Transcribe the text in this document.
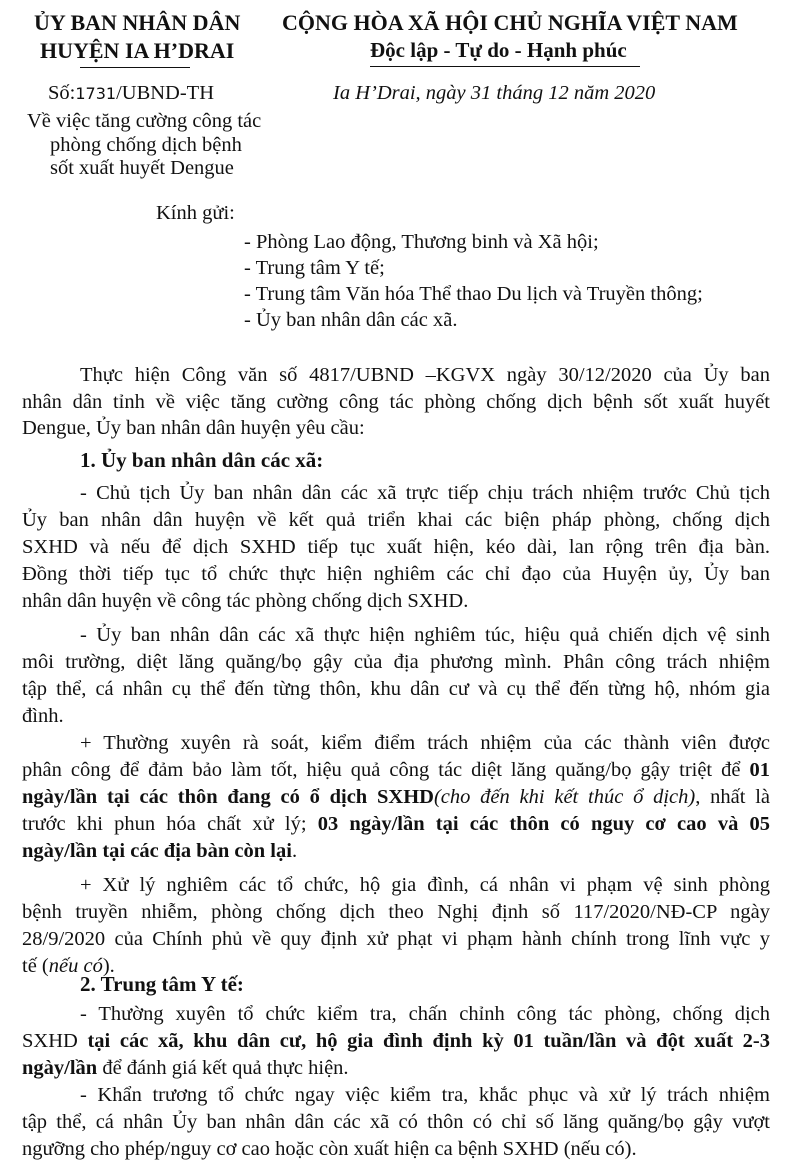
ỦY BAN NHÂN DÂN
HUYỆN IA H’DRAI
CỘNG HÒA XÃ HỘI CHỦ NGHĨA VIỆT NAM
Độc lập - Tự do - Hạnh phúc
Số:1731/UBND-TH	Ia H’Drai, ngày 31 tháng 12 năm 2020
Về việc tăng cường công tác
phòng chống dịch bệnh
sốt xuất huyết Dengue
Kính gửi:
- Phòng Lao động, Thương binh và Xã hội;
- Trung tâm Y tế;
- Trung tâm Văn hóa Thể thao Du lịch và Truyền thông;
- Ủy ban nhân dân các xã.
Thực hiện Công văn số 4817/UBND –KGVX ngày 30/12/2020 của Ủy ban
nhân dân tỉnh về việc tăng cường công tác phòng chống dịch bệnh sốt xuất huyết
Dengue, Ủy ban nhân dân huyện yêu cầu:
1. Ủy ban nhân dân các xã:
- Chủ tịch Ủy ban nhân dân các xã trực tiếp chịu trách nhiệm trước Chủ tịch
Ủy ban nhân dân huyện về kết quả triển khai các biện pháp phòng, chống dịch
SXHD và nếu để dịch SXHD tiếp tục xuất hiện, kéo dài, lan rộng trên địa bàn.
Đồng thời tiếp tục tổ chức thực hiện nghiêm các chỉ đạo của Huyện ủy, Ủy ban
nhân dân huyện về công tác phòng chống dịch SXHD.
- Ủy ban nhân dân các xã thực hiện nghiêm túc, hiệu quả chiến dịch vệ sinh
môi trường, diệt lăng quăng/bọ gậy của địa phương mình. Phân công trách nhiệm
tập thể, cá nhân cụ thể đến từng thôn, khu dân cư và cụ thể đến từng hộ, nhóm gia
đình.
+ Thường xuyên rà soát, kiểm điểm trách nhiệm của các thành viên được
phân công để đảm bảo làm tốt, hiệu quả công tác diệt lăng quăng/bọ gậy triệt để 01
ngày/lần tại các thôn đang có ổ dịch SXHD(cho đến khi kết thúc ổ dịch), nhất là
trước khi phun hóa chất xử lý; 03 ngày/lần tại các thôn có nguy cơ cao và 05
ngày/lần tại các địa bàn còn lại.
+ Xử lý nghiêm các tổ chức, hộ gia đình, cá nhân vi phạm vệ sinh phòng
bệnh truyền nhiễm, phòng chống dịch theo Nghị định số 117/2020/NĐ-CP ngày
28/9/2020 của Chính phủ về quy định xử phạt vi phạm hành chính trong lĩnh vực y
tế (nếu có).
2. Trung tâm Y tế:
- Thường xuyên tổ chức kiểm tra, chấn chỉnh công tác phòng, chống dịch
SXHD tại các xã, khu dân cư, hộ gia đình định kỳ 01 tuần/lần và đột xuất 2-3
ngày/lần để đánh giá kết quả thực hiện.
- Khẩn trương tổ chức ngay việc kiểm tra, khắc phục và xử lý trách nhiệm
tập thể, cá nhân Ủy ban nhân dân các xã có thôn có chỉ số lăng quăng/bọ gậy vượt
ngưỡng cho phép/nguy cơ cao hoặc còn xuất hiện ca bệnh SXHD (nếu có).
